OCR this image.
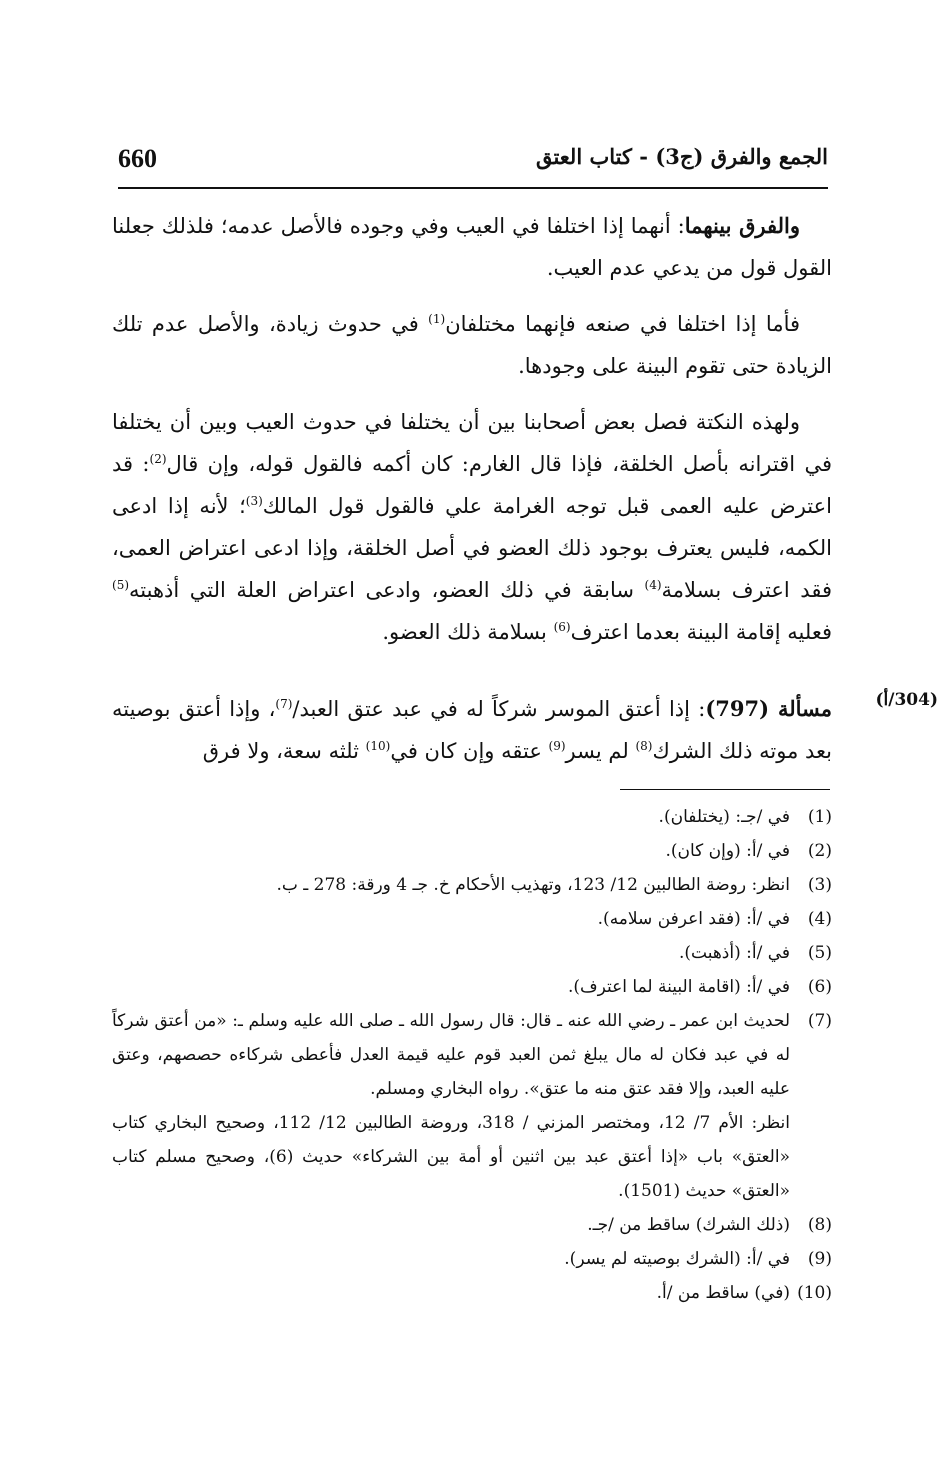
660	الجمع والفرق (ج3) - كتاب العتق

والفرق بينهما: أنهما إذا اختلفا في العيب وفي وجوده فالأصل عدمه؛ فلذلك جعلنا القول قول من يدعي عدم العيب.

فأما إذا اختلفا في صنعه فإنهما مختلفان$^{(1)}$ في حدوث زيادة، والأصل عدم تلك الزيادة حتى تقوم البينة على وجودها.

ولهذه النكتة فصل بعض أصحابنا بين أن يختلفا في حدوث العيب وبين أن يختلفا في اقترانه بأصل الخلقة، فإذا قال الغارم: كان أكمه فالقول قوله، وإن قال$^{(2)}$: قد اعترض عليه العمى قبل توجه الغرامة علي فالقول قول المالك$^{(3)}$؛ لأنه إذا ادعى الكمه، فليس يعترف بوجود ذلك العضو في أصل الخلقة، وإذا ادعى اعتراض العمى، فقد اعترف بسلامة$^{(4)}$ سابقة في ذلك العضو، وادعى اعتراض العلة التي أذهبته$^{(5)}$ فعليه إقامة البينة بعدما اعترف$^{(6)}$ بسلامة ذلك العضو.

(304/أ)
مسألة (797): إذا أعتق الموسر شركاً له في عبد عتق العبد/$^{(7)}$، وإذا أعتق بوصيته بعد موته ذلك الشرك$^{(8)}$ لم يسر$^{(9)}$ عتقه وإن كان في$^{(10)}$ ثلثه سعة، ولا فرق
(1)
في /جـ: (يختلفان).
(2)
في /أ: (وإن كان).
(3)
انظر: روضة الطالبين 12/ 123، وتهذيب الأحكام خ. جـ 4 ورقة: 278 ـ ب.
(4)
في /أ: (فقد اعرفن سلامه).
(5)
في /أ: (أذهبت).
(6)
في /أ: (اقامة البينة لما اعترف).
(7)
لحديث ابن عمر ـ رضي الله عنه ـ قال: قال رسول الله ـ صلى الله عليه وسلم ـ: «من أعتق شركاً له في عبد فكان له مال يبلغ ثمن العبد قوم عليه قيمة العدل فأعطى شركاءه حصصهم، وعتق عليه العبد، وإلا فقد عتق منه ما عتق». رواه البخاري ومسلم.
انظر: الأم 7/ 12، ومختصر المزني / 318، وروضة الطالبين 12/ 112، وصحيح البخاري كتاب «العتق» باب «إذا أعتق عبد بين اثنين أو أمة بين الشركاء» حديث (6)، وصحيح مسلم كتاب «العتق» حديث (1501).
(8)
(ذلك الشرك) ساقط من /جـ.
(9)
في /أ: (الشرك بوصيته لم يسر).
(10)
(في) ساقط من /أ.
